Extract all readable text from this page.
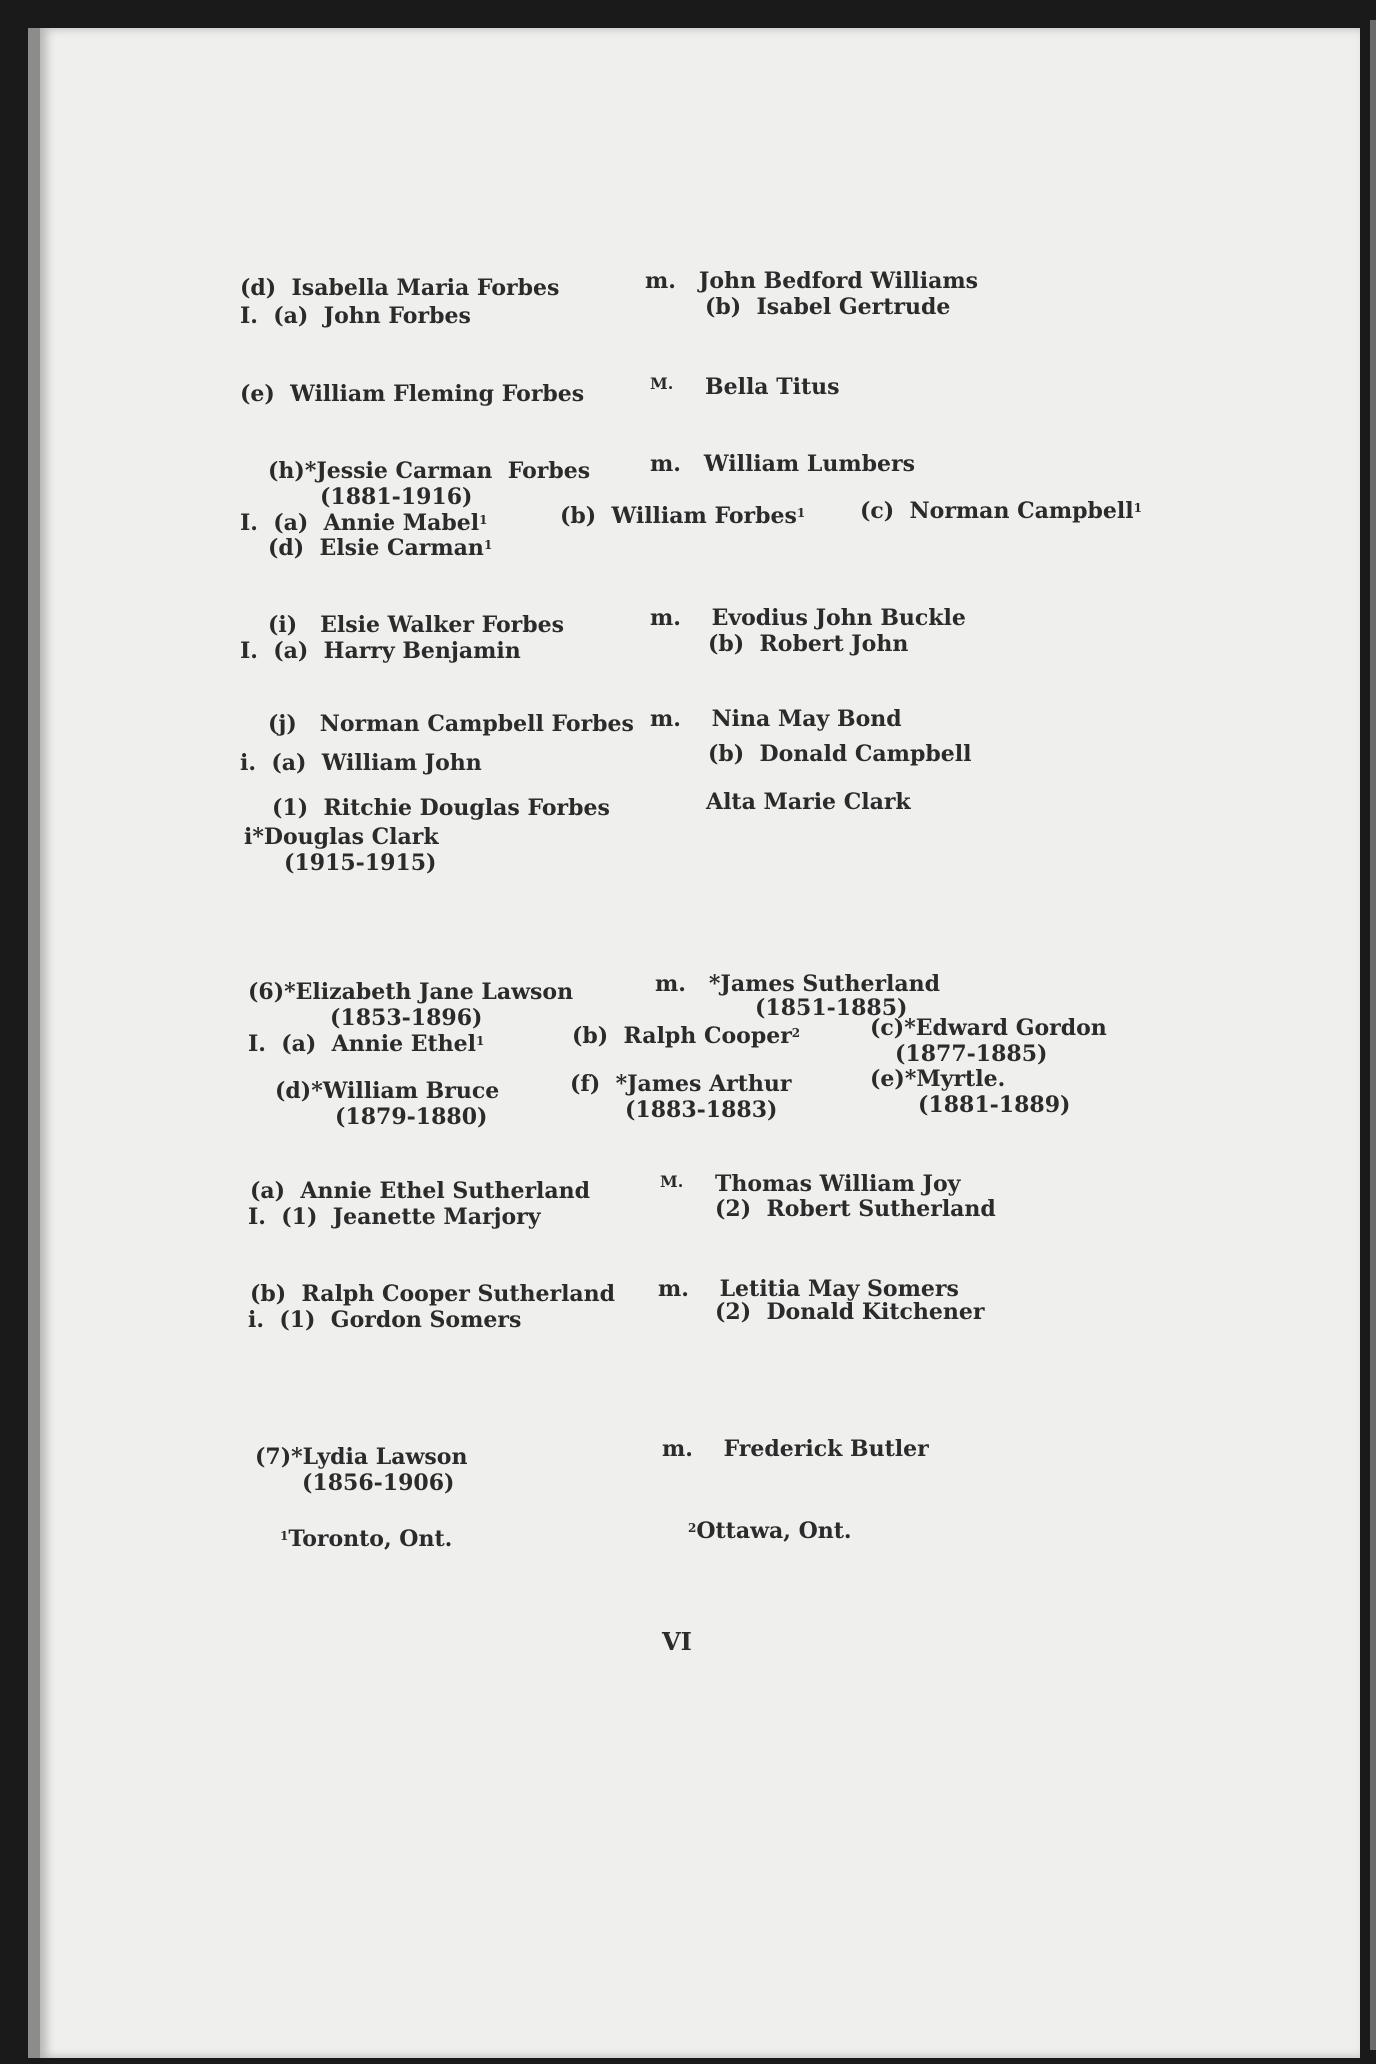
(d)  Isabella Maria Forbes	m.   John Bedford Williams
I.  (a)  John Forbes	(b)  Isabel Gertrude
(e)  William Fleming Forbes	M. Bella Titus
(h)*Jessie Carman  Forbes	m.   William Lumbers
(1881-1916)
I.  (a)  Annie Mabel$^1$	(b)  William Forbes$^1$ (c)  Norman Campbell$^1$
(d)  Elsie Carman$^1$
(i)   Elsie Walker Forbes	m.    Evodius John Buckle
I.  (a)  Harry Benjamin	(b)  Robert John
(j)   Norman Campbell Forbes m.    Nina May Bond
i.  (a)  William John	(b)  Donald Campbell
(1)  Ritchie Douglas Forbes	Alta Marie Clark
i*Douglas Clark
(1915-1915)
(6)*Elizabeth Jane Lawson	m.   *James Sutherland
(1853-1896)	(1851-1885)
I.  (a)  Annie Ethel$^1$	(b)  Ralph Cooper$^2$	(c)*Edward Gordon
(1877-1885)
(d)*William Bruce	(f)  *James Arthur	(e)*Myrtle.
(1879-1880)	(1883-1883)	(1881-1889)
(a)  Annie Ethel Sutherland	M. Thomas William Joy
I.  (1)  Jeanette Marjory	(2)  Robert Sutherland
(b)  Ralph Cooper Sutherland m.    Letitia May Somers
i.  (1)  Gordon Somers	(2)  Donald Kitchener
(7)*Lydia Lawson	m.    Frederick Butler
(1856-1906)
$^1$Toronto, Ont.	$^2$Ottawa, Ont.
VI
